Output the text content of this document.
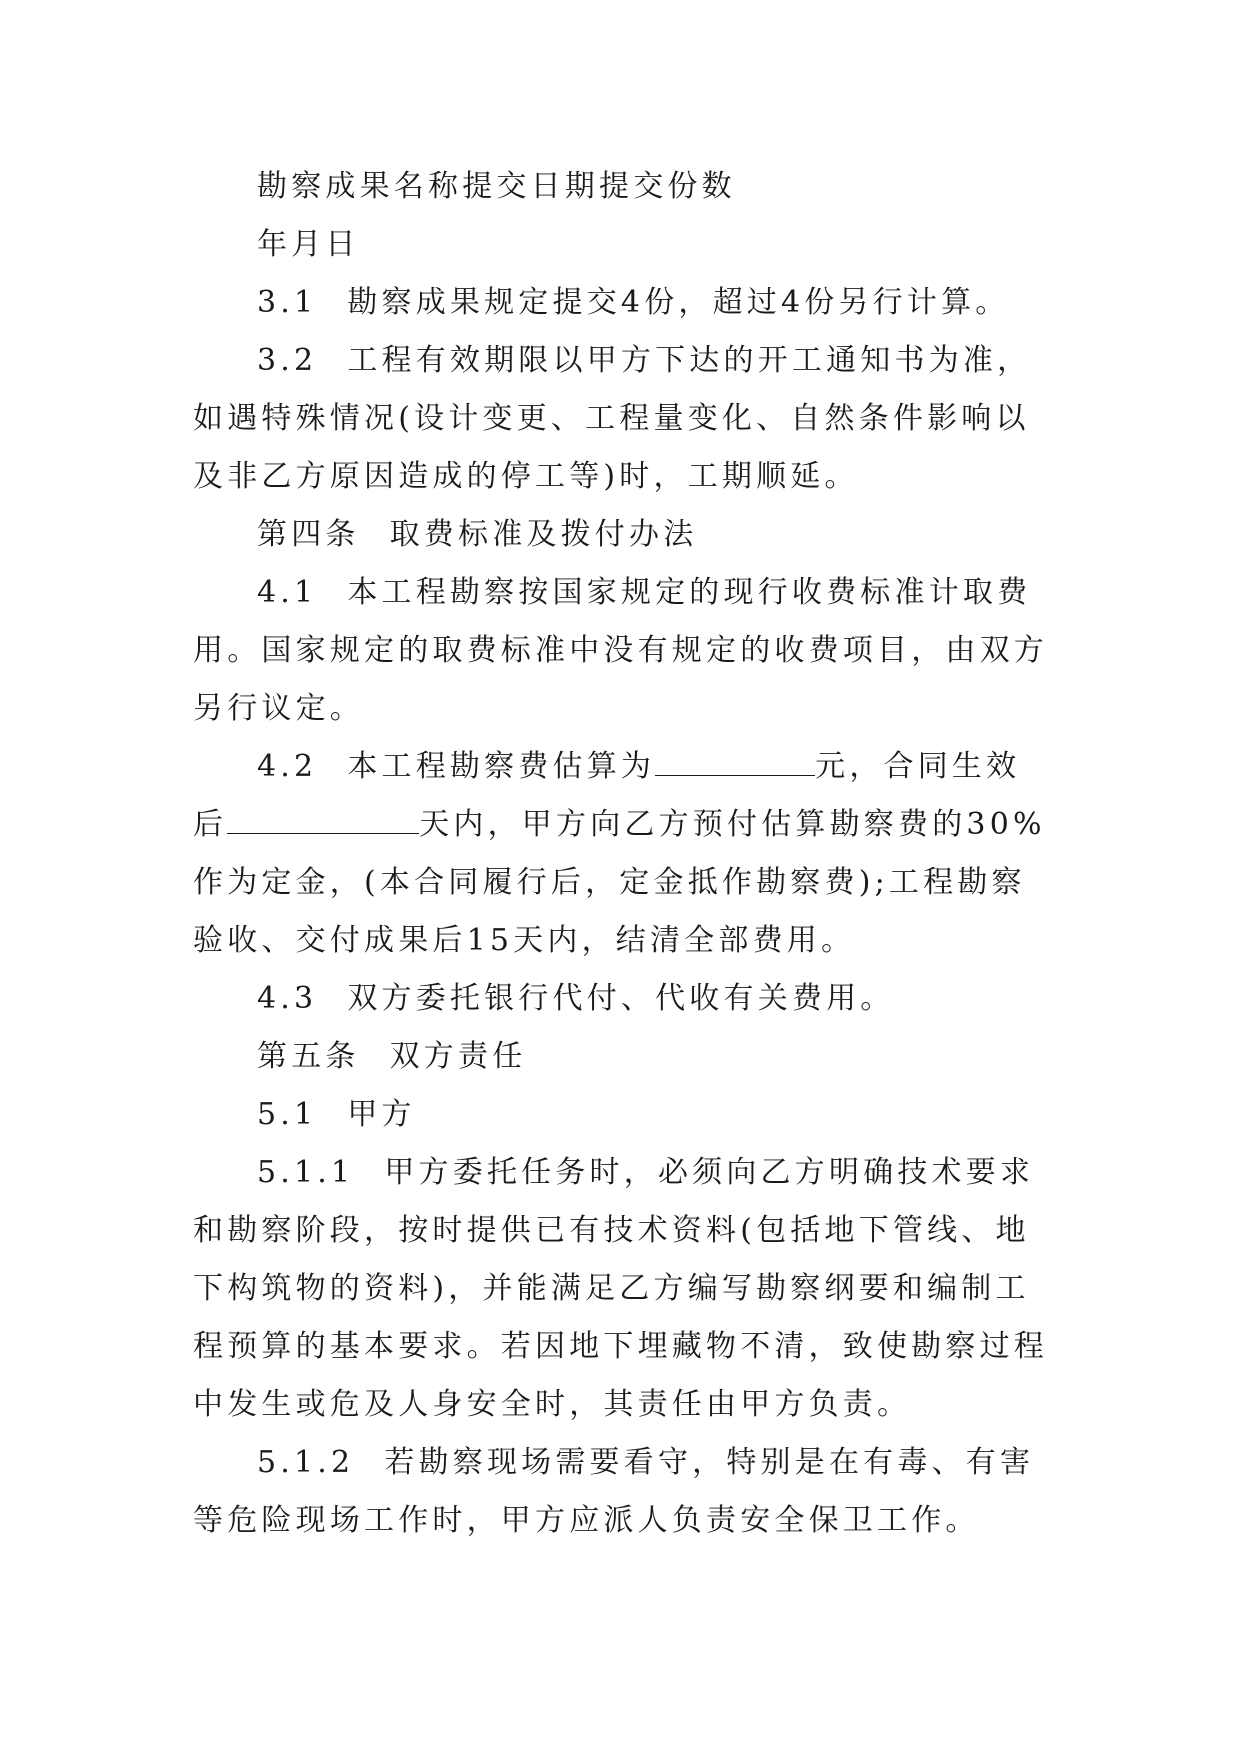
勘察成果名称提交日期提交份数

年月日

3.1 勘察成果规定提交4份，超过4份另行计算。

3.2 工程有效期限以甲方下达的开工通知书为准，如遇特殊情况(设计变更、工程量变化、自然条件影响以及非乙方原因造成的停工等)时，工期顺延。

第四条 取费标准及拨付办法

4.1 本工程勘察按国家规定的现行收费标准计取费用。国家规定的取费标准中没有规定的收费项目，由双方另行议定。

4.2 本工程勘察费估算为	元，合同生效后	天内，甲方向乙方预付估算勘察费的30%作为定金，(本合同履行后，定金抵作勘察费);工程勘察验收、交付成果后15天内，结清全部费用。

4.3 双方委托银行代付、代收有关费用。

第五条 双方责任

5.1 甲方

5.1.1 甲方委托任务时，必须向乙方明确技术要求和勘察阶段，按时提供已有技术资料(包括地下管线、地下构筑物的资料)，并能满足乙方编写勘察纲要和编制工程预算的基本要求。若因地下埋藏物不清，致使勘察过程中发生或危及人身安全时，其责任由甲方负责。

5.1.2 若勘察现场需要看守，特别是在有毒、有害等危险现场工作时，甲方应派人负责安全保卫工作。
